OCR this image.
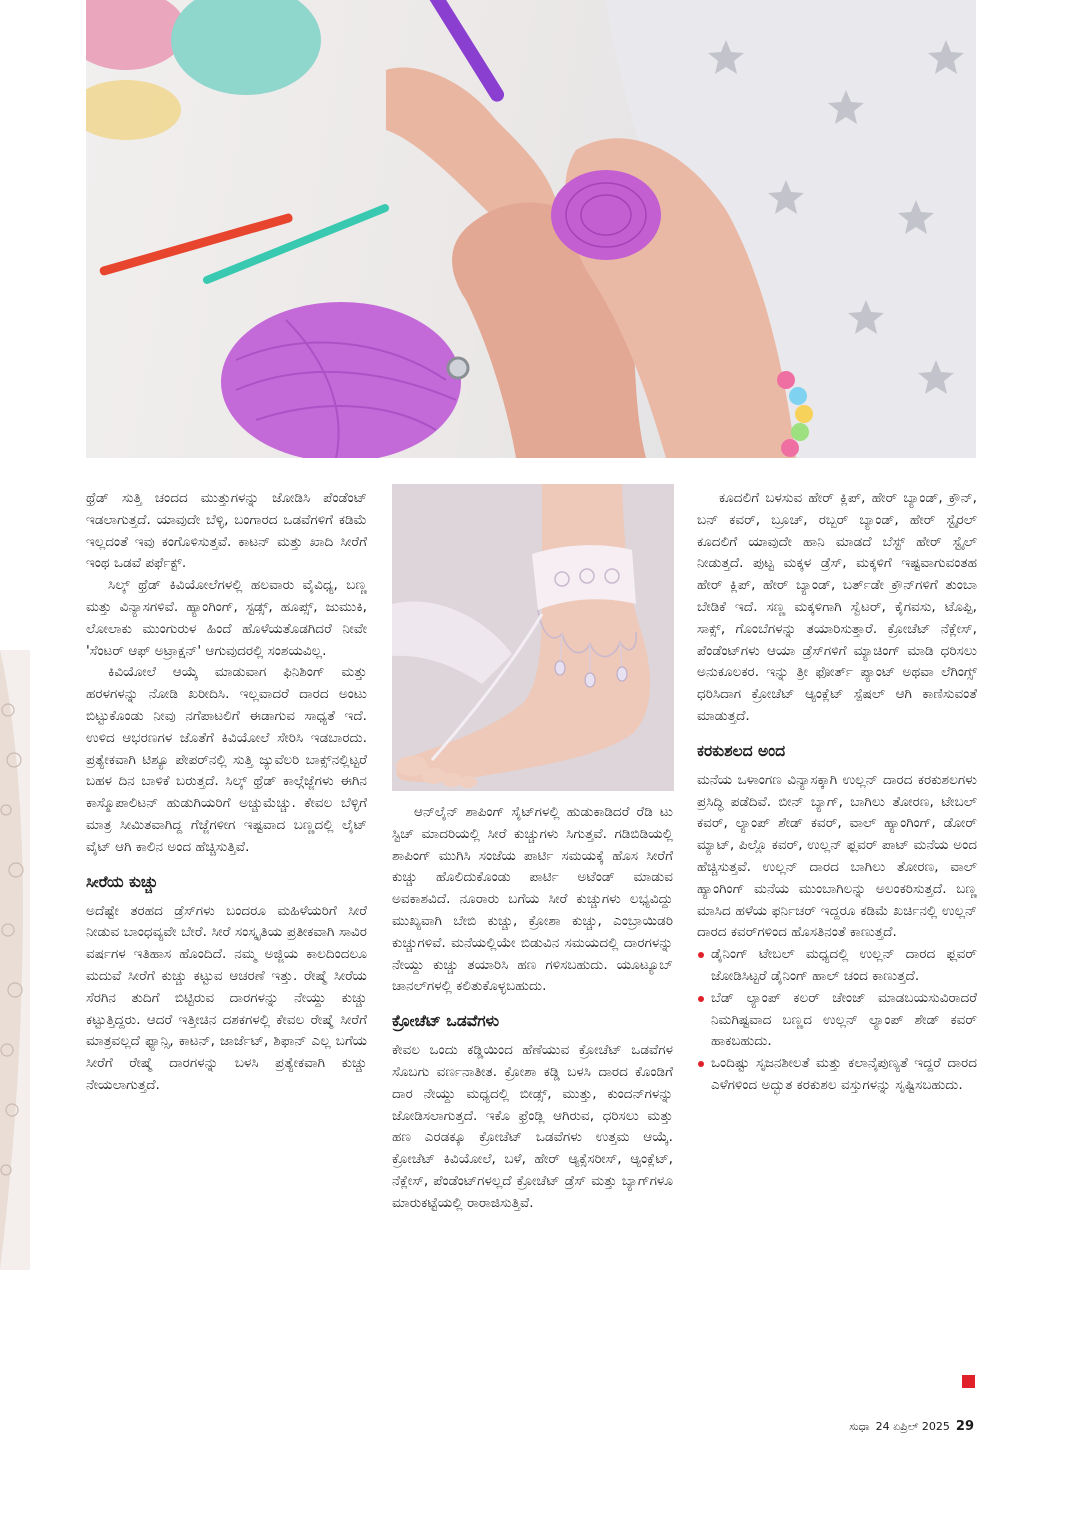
ಥ್ರೆಡ್ ಸುತ್ತಿ ಚಂದದ ಮುತ್ತುಗಳನ್ನು ಜೋಡಿಸಿ ಪೆಂಡೆಂಟ್ ಇಡಲಾಗುತ್ತದೆ. ಯಾವುದೇ ಬೆಳ್ಳಿ, ಬಂಗಾರದ ಒಡವೆಗಳಿಗೆ ಕಡಿಮೆ ಇಲ್ಲದಂತೆ ಇವು ಕಂಗೊಳಿಸುತ್ತವೆ. ಕಾಟನ್ ಮತ್ತು ಖಾದಿ ಸೀರೆಗೆ ಇಂಥ ಒಡವೆ ಪರ್ಫೆಕ್ಟ್.

ಸಿಲ್ಕ್ ಥ್ರೆಡ್ ಕಿವಿಯೋಲೆಗಳಲ್ಲಿ ಹಲವಾರು ವೈವಿಧ್ಯ, ಬಣ್ಣ ಮತ್ತು ವಿನ್ಯಾಸಗಳಿವೆ. ಹ್ಯಾಂಗಿಂಗ್, ಸ್ಟಡ್ಸ್, ಹೂಪ್ಸ್, ಜುಮುಕಿ, ಲೋಲಾಕು ಮುಂಗುರುಳ ಹಿಂದೆ ಹೊಳೆಯತೊಡಗಿದರೆ ನೀವೇ 'ಸೆಂಟರ್ ಆಫ್ ಅಟ್ರಾಕ್ಷನ್' ಆಗುವುದರಲ್ಲಿ ಸಂಶಯವಿಲ್ಲ.

ಕಿವಿಯೋಲೆ ಆಯ್ಕೆ ಮಾಡುವಾಗ ಫಿನಿಶಿಂಗ್ ಮತ್ತು ಹರಳಗಳನ್ನು ನೋಡಿ ಖರೀದಿಸಿ. ಇಲ್ಲವಾದರೆ ದಾರದ ಅಂಟು ಬಿಟ್ಟುಕೊಂಡು ನೀವು ನಗೆಪಾಟಲಿಗೆ ಈಡಾಗುವ ಸಾಧ್ಯತೆ ಇದೆ. ಉಳಿದ ಆಭರಣಗಳ ಜೊತೆಗೆ ಕಿವಿಯೋಲೆ ಸೇರಿಸಿ ಇಡಬಾರದು. ಪ್ರತ್ಯೇಕವಾಗಿ ಟಿಶ್ಯೂ ಪೇಪರ್‌ನಲ್ಲಿ ಸುತ್ತಿ ಜ್ಯುವೆಲರಿ ಬಾಕ್ಸ್‌ನಲ್ಲಿಟ್ಟರೆ ಬಹಳ ದಿನ ಬಾಳಿಕೆ ಬರುತ್ತದೆ. ಸಿಲ್ಕ್ ಥ್ರೆಡ್ ಕಾಲ್ಗೆಜ್ಜೆಗಳು ಈಗಿನ ಕಾಸ್ಮೊಪಾಲಿಟನ್ ಹುಡುಗಿಯರಿಗೆ ಅಚ್ಚುಮೆಚ್ಚು. ಕೇವಲ ಬೆಳ್ಳಿಗೆ ಮಾತ್ರ ಸೀಮಿತವಾಗಿದ್ದ ಗೆಜ್ಜೆಗಳೀಗ ಇಷ್ಟವಾದ ಬಣ್ಣದಲ್ಲಿ ಲೈಟ್ ವೈಟ್ ಆಗಿ ಕಾಲಿನ ಅಂದ ಹೆಚ್ಚಿಸುತ್ತಿವೆ.

ಸೀರೆಯ ಕುಚ್ಚು

ಅದೆಷ್ಟೇ ತರಹದ ಡ್ರೆಸ್‌ಗಳು ಬಂದರೂ ಮಹಿಳೆಯರಿಗೆ ಸೀರೆ ನೀಡುವ ಬಾಂಧವ್ಯವೇ ಬೇರೆ. ಸೀರೆ ಸಂಸ್ಕೃತಿಯ ಪ್ರತೀಕವಾಗಿ ಸಾವಿರ ವರ್ಷಗಳ ಇತಿಹಾಸ ಹೊಂದಿದೆ. ನಮ್ಮ ಅಜ್ಜಿಯ ಕಾಲದಿಂದಲೂ ಮದುವೆ ಸೀರೆಗೆ ಕುಚ್ಚು ಕಟ್ಟುವ ಆಚರಣೆ ಇತ್ತು. ರೇಷ್ಮೆ ಸೀರೆಯ ಸೆರಗಿನ ತುದಿಗೆ ಬಿಟ್ಟಿರುವ ದಾರಗಳನ್ನು ನೇಯ್ದು ಕುಚ್ಚು ಕಟ್ಟುತ್ತಿದ್ದರು. ಆದರೆ ಇತ್ತೀಚಿನ ದಶಕಗಳಲ್ಲಿ ಕೇವಲ ರೇಷ್ಮೆ ಸೀರೆಗೆ ಮಾತ್ರವಲ್ಲದೆ ಫ್ಯಾನ್ಸಿ, ಕಾಟನ್, ಜಾರ್ಜೆಟ್, ಶಿಫಾನ್ ಎಲ್ಲ ಬಗೆಯ ಸೀರೆಗೆ ರೇಷ್ಮೆ ದಾರಗಳನ್ನು ಬಳಸಿ ಪ್ರತ್ಯೇಕವಾಗಿ ಕುಚ್ಚು ನೇಯಲಾಗುತ್ತದೆ.

ಆನ್‌ಲೈನ್ ಶಾಪಿಂಗ್ ಸೈಟ್‌ಗಳಲ್ಲಿ ಹುಡುಕಾಡಿದರೆ ರೆಡಿ ಟು ಸ್ಟಿಚ್ ಮಾದರಿಯಲ್ಲಿ ಸೀರೆ ಕುಚ್ಚುಗಳು ಸಿಗುತ್ತವೆ. ಗಡಿಬಿಡಿಯಲ್ಲಿ ಶಾಪಿಂಗ್ ಮುಗಿಸಿ ಸಂಜೆಯ ಪಾರ್ಟಿ ಸಮಯಕ್ಕೆ ಹೊಸ ಸೀರೆಗೆ ಕುಚ್ಚು ಹೊಲಿದುಕೊಂಡು ಪಾರ್ಟಿ ಅಟೆಂಡ್ ಮಾಡುವ ಅವಕಾಶವಿದೆ. ನೂರಾರು ಬಗೆಯ ಸೀರೆ ಕುಚ್ಚುಗಳು ಲಭ್ಯವಿದ್ದು ಮುಖ್ಯವಾಗಿ ಬೇಬಿ ಕುಚ್ಚು, ಕ್ರೋಶಾ ಕುಚ್ಚು, ಎಂಬ್ರಾಯಿಡರಿ ಕುಚ್ಚುಗಳಿವೆ. ಮನೆಯಲ್ಲಿಯೇ ಬಿಡುವಿನ ಸಮಯದಲ್ಲಿ ದಾರಗಳನ್ನು ನೇಯ್ದು ಕುಚ್ಚು ತಯಾರಿಸಿ ಹಣ ಗಳಿಸಬಹುದು. ಯೂಟ್ಯೂಬ್ ಚಾನಲ್‌ಗಳಲ್ಲಿ ಕಲಿತುಕೊಳ್ಳಬಹುದು.

ಕ್ರೋಚೆಟ್ ಒಡವೆಗಳು

ಕೇವಲ ಒಂದು ಕಡ್ಡಿಯಿಂದ ಹೆಣೆಯುವ ಕ್ರೋಚೆಟ್ ಒಡವೆಗಳ ಸೊಬಗು ವರ್ಣನಾತೀತ. ಕ್ರೋಶಾ ಕಡ್ಡಿ ಬಳಸಿ ದಾರದ ಕೊಂಡಿಗೆ ದಾರ ನೇಯ್ದು ಮಧ್ಯದಲ್ಲಿ ಬೀಡ್ಸ್, ಮುತ್ತು, ಕುಂದನ್‌ಗಳನ್ನು ಜೋಡಿಸಲಾಗುತ್ತದೆ. ಇಕೊ ಫ್ರೆಂಡ್ಲಿ ಆಗಿರುವ, ಧರಿಸಲು ಮತ್ತು ಹಣ ಎರಡಕ್ಕೂ ಕ್ರೋಚೆಟ್ ಒಡವೆಗಳು ಉತ್ತಮ ಆಯ್ಕೆ. ಕ್ರೋಚೆಟ್ ಕಿವಿಯೋಲೆ, ಬಳೆ, ಹೇರ್ ಆ್ಯಕ್ಸೆಸರೀಸ್, ಆ್ಯಂಕ್ಲೆಟ್, ನೆಕ್ಲೇಸ್, ಪೆಂಡೆಂಟ್‌ಗಳಲ್ಲದೆ ಕ್ರೋಚೆಟ್ ಡ್ರೆಸ್ ಮತ್ತು ಬ್ಯಾಗ್‌ಗಳೂ ಮಾರುಕಟ್ಟೆಯಲ್ಲಿ ರಾರಾಜಿಸುತ್ತಿವೆ.

ಕೂದಲಿಗೆ ಬಳಸುವ ಹೇರ್ ಕ್ಲಿಪ್, ಹೇರ್ ಬ್ಯಾಂಡ್, ಕ್ರೌನ್, ಬನ್ ಕವರ್, ಬ್ರೂಚ್, ರಬ್ಬರ್ ಬ್ಯಾಂಡ್, ಹೇರ್ ಸ್ಟೈರಲ್ ಕೂದಲಿಗೆ ಯಾವುದೇ ಹಾನಿ ಮಾಡದೆ ಬೆಸ್ಟ್ ಹೇರ್ ಸ್ಟೈಲ್ ನೀಡುತ್ತದೆ. ಪುಟ್ಟ ಮಕ್ಕಳ ಡ್ರೆಸ್, ಮಕ್ಕಳಿಗೆ ಇಷ್ಟವಾಗುವಂತಹ ಹೇರ್ ಕ್ಲಿಪ್, ಹೇರ್ ಬ್ಯಾಂಡ್, ಬರ್ತ್‌ಡೇ ಕ್ರೌನ್‌ಗಳಿಗೆ ತುಂಬಾ ಬೇಡಿಕೆ ಇದೆ. ಸಣ್ಣ ಮಕ್ಕಳಿಗಾಗಿ ಸ್ವೆಟರ್, ಕೈಗವಸು, ಟೊಪ್ಪಿ, ಸಾಕ್ಸ್, ಗೊಂಬೆಗಳನ್ನು ತಯಾರಿಸುತ್ತಾರೆ. ಕ್ರೋಚೆಟ್ ನೆಕ್ಲೇಸ್, ಪೆಂಡೆಂಟ್‌ಗಳು ಆಯಾ ಡ್ರೆಸ್‌ಗಳಿಗೆ ಮ್ಯಾಚಿಂಗ್ ಮಾಡಿ ಧರಿಸಲು ಅನುಕೂಲಕರ. ಇನ್ನು ತ್ರೀ ಫೋರ್ತ್ ಪ್ಯಾಂಟ್ ಅಥವಾ ಲೆಗಿಂಗ್ಸ್ ಧರಿಸಿದಾಗ ಕ್ರೋಚೆಟ್ ಆ್ಯಂಕ್ಲೆಟ್ ಸ್ಪೆಷಲ್ ಆಗಿ ಕಾಣಿಸುವಂತೆ ಮಾಡುತ್ತದೆ.

ಕರಕುಶಲದ ಅಂದ

ಮನೆಯ ಒಳಾಂಗಣ ವಿನ್ಯಾಸಕ್ಕಾಗಿ ಉಲ್ಲನ್ ದಾರದ ಕರಕುಶಲಗಳು ಪ್ರಸಿದ್ಧಿ ಪಡೆದಿವೆ. ಬೀನ್ ಬ್ಯಾಗ್, ಬಾಗಿಲು ತೋರಣ, ಟೇಬಲ್ ಕವರ್, ಲ್ಯಾಂಪ್ ಶೇಡ್ ಕವರ್, ವಾಲ್ ಹ್ಯಾಂಗಿಂಗ್, ಡೋರ್ ಮ್ಯಾಟ್, ಪಿಲ್ಲೊ ಕವರ್, ಉಲ್ಲನ್ ಫ್ಲವರ್ ಪಾಟ್ ಮನೆಯ ಅಂದ ಹೆಚ್ಚಿಸುತ್ತವೆ. ಉಲ್ಲನ್ ದಾರದ ಬಾಗಿಲು ತೋರಣ, ವಾಲ್ ಹ್ಯಾಂಗಿಂಗ್ ಮನೆಯ ಮುಂಬಾಗಿಲನ್ನು ಅಲಂಕರಿಸುತ್ತದೆ. ಬಣ್ಣ ಮಾಸಿದ ಹಳೆಯ ಫರ್ನಿಚರ್ ಇದ್ದರೂ ಕಡಿಮೆ ಖರ್ಚಿನಲ್ಲಿ ಉಲ್ಲನ್ ದಾರದ ಕವರ್‌ಗಳಿಂದ ಹೊಸತಿನಂತೆ ಕಾಣುತ್ತದೆ.

ಡೈನಿಂಗ್ ಟೇಬಲ್ ಮಧ್ಯದಲ್ಲಿ ಉಲ್ಲನ್ ದಾರದ ಫ್ಲವರ್ ಜೋಡಿಸಿಟ್ಟರೆ ಡೈನಿಂಗ್ ಹಾಲ್ ಚಂದ ಕಾಣುತ್ತದೆ.

ಬೆಡ್ ಲ್ಯಾಂಪ್ ಕಲರ್ ಚೇಂಜ್ ಮಾಡಬಯಸುವಿರಾದರೆ ನಿಮಗಿಷ್ಟವಾದ ಬಣ್ಣದ ಉಲ್ಲನ್ ಲ್ಯಾಂಪ್ ಶೇಡ್ ಕವರ್ ಹಾಕಬಹುದು.

ಒಂದಿಷ್ಟು ಸೃಜನಶೀಲತೆ ಮತ್ತು ಕಲಾನೈಪುಣ್ಯತೆ ಇದ್ದರೆ ದಾರದ ಎಳೆಗಳಿಂದ ಅದ್ಭುತ ಕರಕುಶಲ ವಸ್ತುಗಳನ್ನು ಸೃಷ್ಟಿಸಬಹುದು.

ಸುಧಾ 24 ಏಪ್ರಿಲ್ 2025 29
